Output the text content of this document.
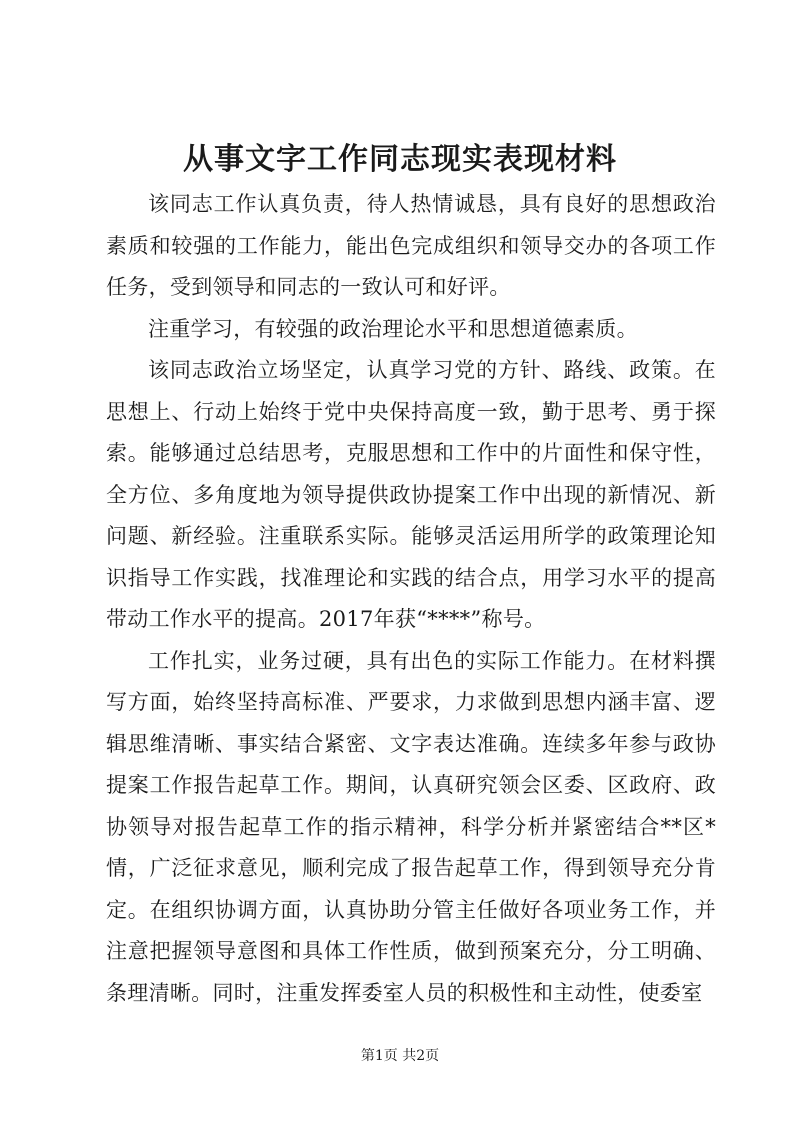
从事文字工作同志现实表现材料

该同志工作认真负责，待人热情诚恳，具有良好的思想政治素质和较强的工作能力，能出色完成组织和领导交办的各项工作任务，受到领导和同志的一致认可和好评。

注重学习，有较强的政治理论水平和思想道德素质。

该同志政治立场坚定，认真学习党的方针、路线、政策。在思想上、行动上始终于党中央保持高度一致，勤于思考、勇于探索。能够通过总结思考，克服思想和工作中的片面性和保守性，全方位、多角度地为领导提供政协提案工作中出现的新情况、新问题、新经验。注重联系实际。能够灵活运用所学的政策理论知识指导工作实践，找准理论和实践的结合点，用学习水平的提高带动工作水平的提高。2017年获“****”称号。

工作扎实，业务过硬，具有出色的实际工作能力。在材料撰写方面，始终坚持高标准、严要求，力求做到思想内涵丰富、逻辑思维清晰、事实结合紧密、文字表达准确。连续多年参与政协提案工作报告起草工作。期间，认真研究领会区委、区政府、政协领导对报告起草工作的指示精神，科学分析并紧密结合**区*情，广泛征求意见，顺利完成了报告起草工作，得到领导充分肯定。在组织协调方面，认真协助分管主任做好各项业务工作，并注意把握领导意图和具体工作性质，做到预案充分，分工明确、条理清晰。同时，注重发挥委室人员的积极性和主动性，使委室

第1页 共2页
